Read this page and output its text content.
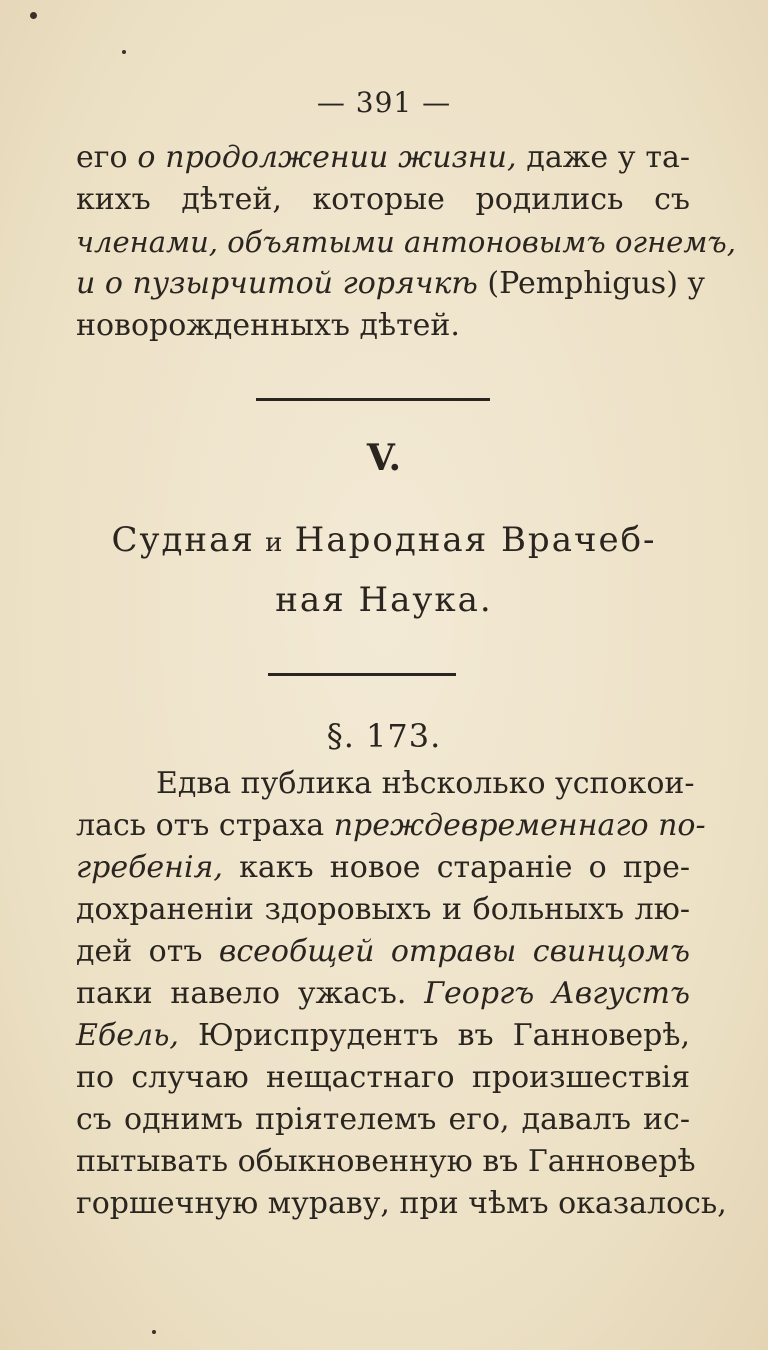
— 391 —
его о продолжении жизни, даже у та-
кихъ дѣтей, которые родились съ
членами, объятыми антоновымъ огнемъ,
и о пузырчитой горячкѣ (Pemphigus) у
новорожденныхъ дѣтей.
V.
Судная и Народная Врачеб-
ная Наука.
§. 173.
Едва публика нѣсколько успокои-
лась отъ страха преждевременнаго по-
гребенія, какъ новое стараніе о пре-
дохраненіи здоровыхъ и больныхъ лю-
дей отъ всеобщей отравы свинцомъ
паки навело ужасъ. Георгъ Августъ
Ебель, Юриспрудентъ въ Ганноверѣ,
по случаю нещастнаго произшествія
съ однимъ пріятелемъ его, давалъ ис-
пытывать обыкновенную въ Ганноверѣ
горшечную мураву, при чѣмъ оказалось,
